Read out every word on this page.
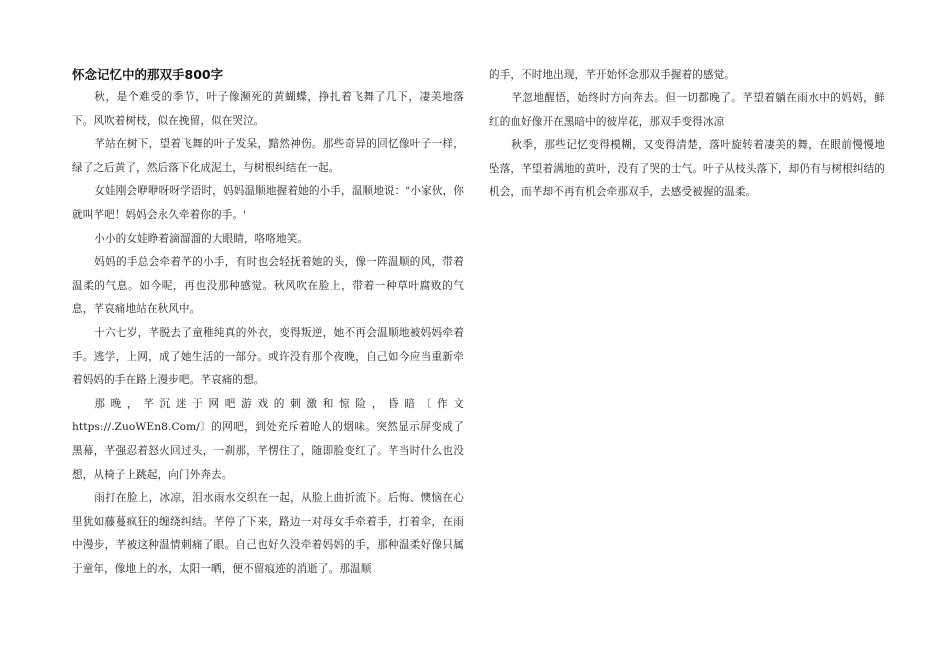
怀念记忆中的那双手800字

秋，是个难受的季节，叶子像濒死的黄蝴蝶，挣扎着飞舞了几下，凄美地落下。风吹着树枝，似在挽留，似在哭泣。

芊站在树下，望着飞舞的叶子发呆，黯然神伤。那些奇异的回忆像叶子一样，绿了之后黄了，然后落下化成泥土，与树根纠结在一起。

女娃刚会咿咿呀呀学语时，妈妈温顺地握着她的小手，温顺地说："小家伙，你就叫芊吧！妈妈会永久牵着你的手。'

小小的女娃睁着滴溜溜的大眼睛，咯咯地笑。

妈妈的手总会牵着芊的小手，有时也会轻抚着她的头，像一阵温顺的风，带着温柔的气息。如今呢，再也没那种感觉。秋风吹在脸上，带着一种草叶腐败的气息，芊哀痛地站在秋风中。

十六七岁，芊脱去了童稚纯真的外衣，变得叛逆，她不再会温顺地被妈妈牵着手。逃学，上网，成了她生活的一部分。或许没有那个夜晚，自己如今应当重新牵着妈妈的手在路上漫步吧。芊哀痛的想。

那晚，芊沉迷于网吧游戏的刺激和惊险，昏暗〔作文https://.ZuoWEn8.Com/〕的网吧，到处充斥着呛人的烟味。突然显示屏变成了黑幕，芊强忍着怒火回过头，一刹那，芊愣住了，随即脸变红了。芊当时什么也没想，从椅子上跳起，向门外奔去。

雨打在脸上，冰凉，泪水雨水交织在一起，从脸上曲折流下。后悔、懊恼在心里犹如藤蔓疯狂的缠绕纠结。芊停了下来，路边一对母女手牵着手，打着伞，在雨中漫步，芊被这种温情刺痛了眼。自己也好久没牵着妈妈的手，那种温柔好像只属于童年，像地上的水，太阳一晒，便不留痕迹的消逝了。那温顺

的手，不时地出现，芊开始怀念那双手握着的感觉。

芊忽地醒悟，始终时方向奔去。但一切都晚了。芊望着躺在雨水中的妈妈，鲜红的血好像开在黑暗中的彼岸花，那双手变得冰凉

秋季，那些记忆变得模糊，又变得清楚，落叶旋转着凄美的舞，在眼前慢慢地坠落，芊望着满地的黄叶，没有了哭的士气。叶子从枝头落下，却仍有与树根纠结的机会，而芊却不再有机会牵那双手，去感受被握的温柔。
